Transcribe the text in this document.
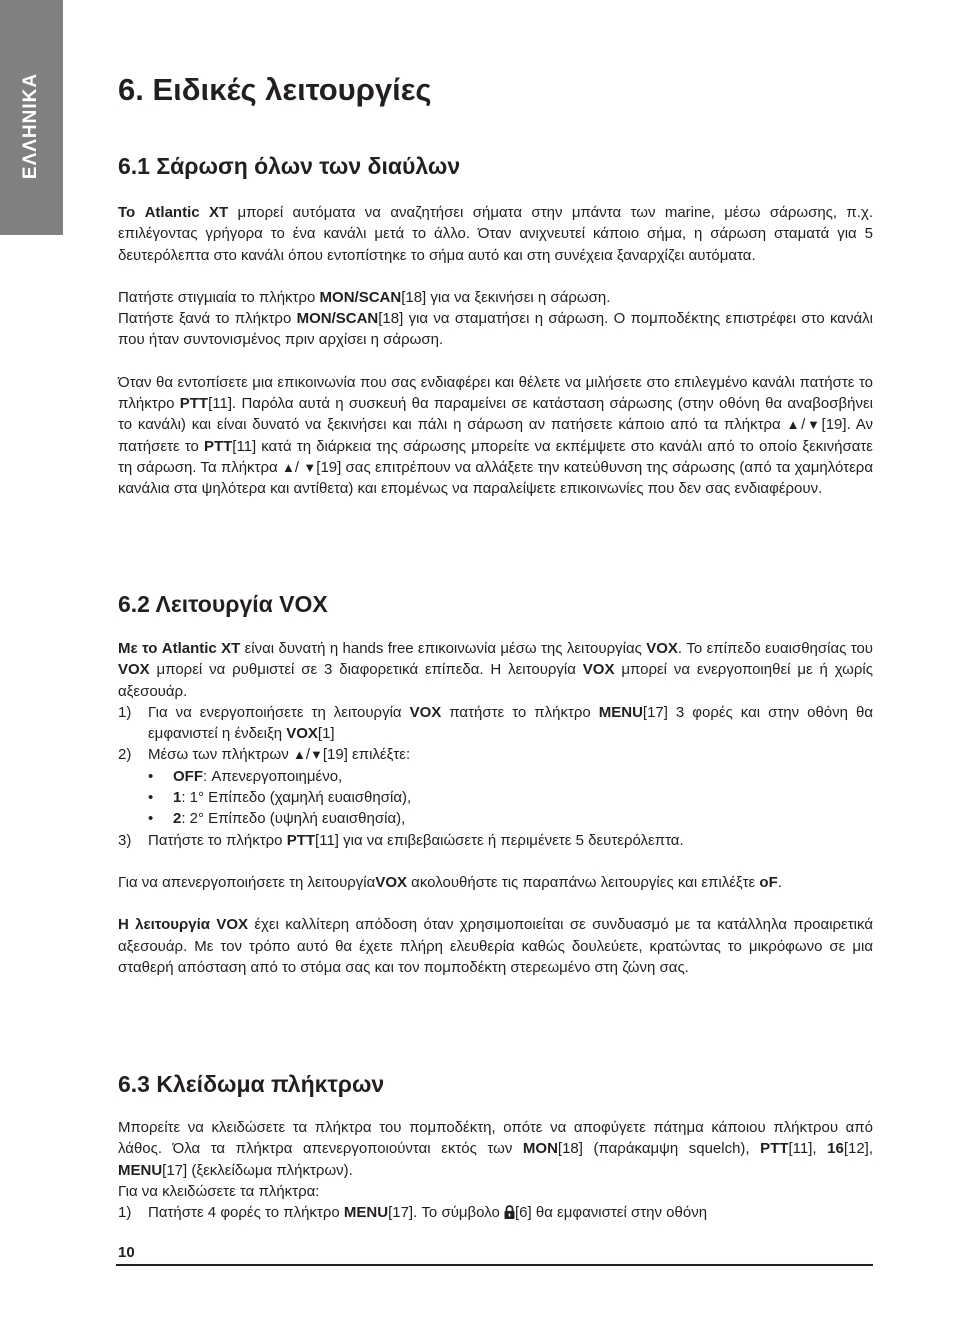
ΕΛΛΗΝΙΚΑ 6. Ειδικές λειτουργίες
6.1 Σάρωση όλων των διαύλων

Το Atlantic XT μπορεί αυτόματα να αναζητήσει σήματα στην μπάντα των marine, μέσω σάρωσης, π.χ. επιλέγοντας γρήγορα το ένα κανάλι μετά το άλλο. Όταν ανιχνευτεί κάποιο σήμα, η σάρωση σταματά για 5 δευτερόλεπτα στο κανάλι όπου εντοπίστηκε το σήμα αυτό και στη συνέχεια ξαναρχίζει αυτόματα.

Πατήστε στιγμιαία το πλήκτρο MON/SCAN[18] για να ξεκινήσει η σάρωση.

Πατήστε ξανά το πλήκτρο MON/SCAN[18] για να σταματήσει η σάρωση. Ο πομποδέκτης επιστρέφει στο κανάλι που ήταν συντονισμένος πριν αρχίσει η σάρωση.

Όταν θα εντοπίσετε μια επικοινωνία που σας ενδιαφέρει και θέλετε να μιλήσετε στο επιλεγμένο κανάλι πατήστε το πλήκτρο PTT[11]. Παρόλα αυτά η συσκευή θα παραμείνει σε κατάσταση σάρωσης (στην οθόνη θα αναβοσβήνει το κανάλι) και είναι δυνατό να ξεκινήσει και πάλι η σάρωση αν πατήσετε κάποιο από τα πλήκτρα ▲/▼[19]. Αν πατήσετε το PTT[11] κατά τη διάρκεια της σάρωσης μπορείτε να εκπέμψετε στο κανάλι από το οποίο ξεκινήσατε τη σάρωση. Τα πλήκτρα ▲/ ▼[19] σας επιτρέπουν να αλλάξετε την κατεύθυνση της σάρωσης (από τα χαμηλότερα κανάλια στα ψηλότερα και αντίθετα) και επομένως να παραλείψετε επικοινωνίες που δεν σας ενδιαφέρουν.

6.2 Λειτουργία VOX

Με το Atlantic XT είναι δυνατή η hands free επικοινωνία μέσω της λειτουργίας VOX. Το επίπεδο ευαισθησίας του VOX μπορεί να ρυθμιστεί σε 3 διαφορετικά επίπεδα. Η λειτουργία VOX μπορεί να ενεργοποιηθεί με ή χωρίς αξεσουάρ.

1) Για να ενεργοποιήσετε τη λειτουργία VOX πατήστε το πλήκτρο MENU[17] 3 φορές και στην οθόνη θα εμφανιστεί η ένδειξη VOX[1]
2) Μέσω των πλήκτρων ▲/▼[19] επιλέξτε:
• OFF: Απενεργοποιημένο,
• 1: 1° Επίπεδο (χαμηλή ευαισθησία),
• 2: 2° Επίπεδο (υψηλή ευαισθησία),
3) Πατήστε το πλήκτρο PTT[11] για να επιβεβαιώσετε ή περιμένετε 5 δευτερόλεπτα.

Για να απενεργοποιήσετε τη λειτουργίαVOX ακολουθήστε τις παραπάνω λειτουργίες και επιλέξτε oF.

Η λειτουργία VOX έχει καλλίτερη απόδοση όταν χρησιμοποιείται σε συνδυασμό με τα κατάλληλα προαιρετικά αξεσουάρ. Με τον τρόπο αυτό θα έχετε πλήρη ελευθερία καθώς δουλεύετε, κρατώντας το μικρόφωνο σε μια σταθερή απόσταση από το στόμα σας και τον πομποδέκτη στερεωμένο στη ζώνη σας.

6.3 Κλείδωμα πλήκτρων

Μπορείτε να κλειδώσετε τα πλήκτρα του πομποδέκτη, οπότε να αποφύγετε πάτημα κάποιου πλήκτρου από λάθος. Όλα τα πλήκτρα απενεργοποιούνται εκτός των MON[18] (παράκαμψη squelch), PTT[11], 16[12], MENU[17] (ξεκλείδωμα πλήκτρων).

Για να κλειδώσετε τα πλήκτρα:

1) Πατήστε 4 φορές το πλήκτρο MENU[17]. Το σύμβολο [6] θα εμφανιστεί στην οθόνη
10
